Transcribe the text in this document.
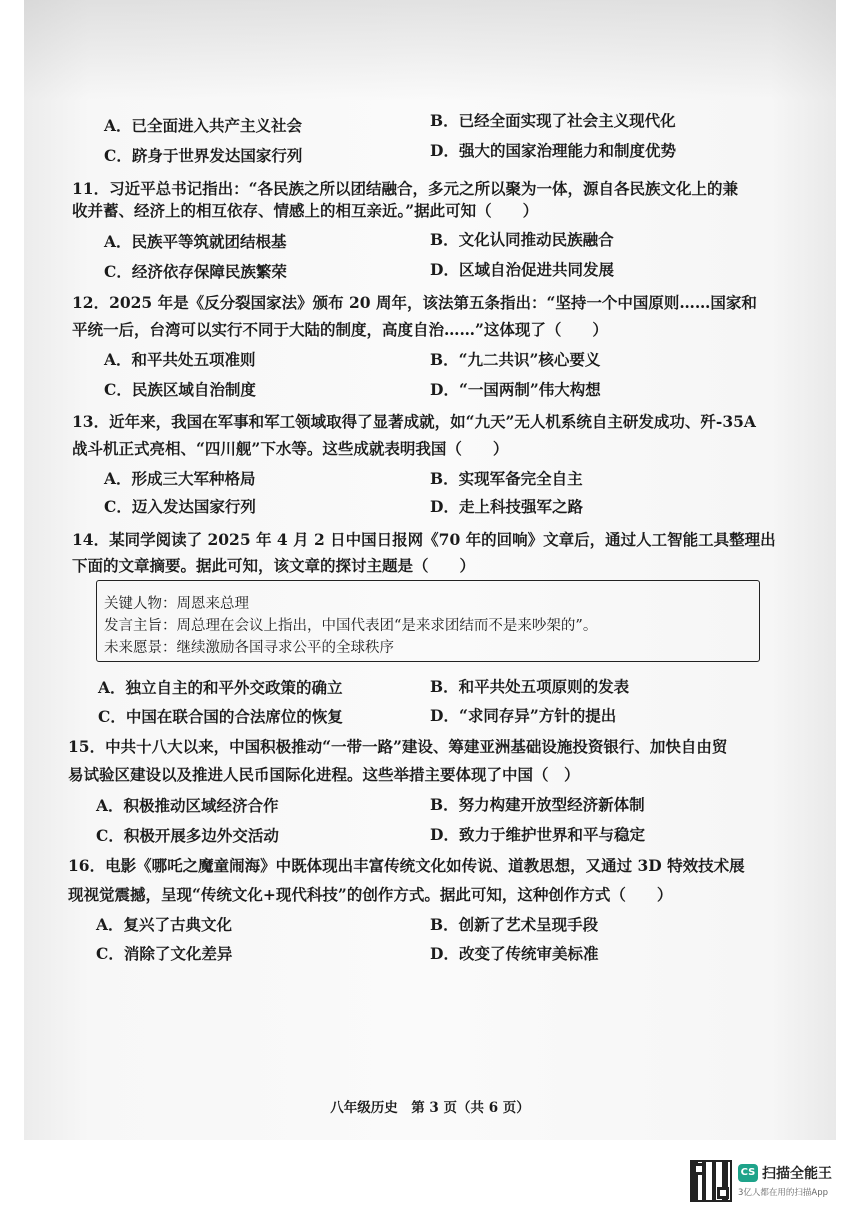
A．已全面进入共产主义社会	B．已经全面实现了社会主义现代化
C．跻身于世界发达国家行列	D．强大的国家治理能力和制度优势
11．习近平总书记指出：“各民族之所以团结融合，多元之所以聚为一体，源自各民族文化上的兼
收并蓄、经济上的相互依存、情感上的相互亲近。”据此可知（　　）
A．民族平等筑就团结根基	B．文化认同推动民族融合
C．经济依存保障民族繁荣	D．区域自治促进共同发展
12．2025 年是《反分裂国家法》颁布 20 周年，该法第五条指出：“坚持一个中国原则……国家和
平统一后，台湾可以实行不同于大陆的制度，高度自治……”这体现了（　　）
A．和平共处五项准则	B．“九二共识”核心要义
C．民族区域自治制度	D．“一国两制”伟大构想
13．近年来，我国在军事和军工领域取得了显著成就，如“九天”无人机系统自主研发成功、歼-35A
战斗机正式亮相、“四川舰”下水等。这些成就表明我国（　　）
A．形成三大军种格局	B．实现军备完全自主
C．迈入发达国家行列	D．走上科技强军之路
14．某同学阅读了 2025 年 4 月 2 日中国日报网《70 年的回响》文章后，通过人工智能工具整理出
下面的文章摘要。据此可知，该文章的探讨主题是（　　）
关键人物：周恩来总理
发言主旨：周总理在会议上指出，中国代表团“是来求团结而不是来吵架的”。
未来愿景：继续激励各国寻求公平的全球秩序
A．独立自主的和平外交政策的确立	B．和平共处五项原则的发表
C．中国在联合国的合法席位的恢复	D．“求同存异”方针的提出
15．中共十八大以来，中国积极推动“一带一路”建设、筹建亚洲基础设施投资银行、加快自由贸
易试验区建设以及推进人民币国际化进程。这些举措主要体现了中国（　）
A．积极推动区域经济合作	B．努力构建开放型经济新体制
C．积极开展多边外交活动	D．致力于维护世界和平与稳定
16．电影《哪吒之魔童闹海》中既体现出丰富传统文化如传说、道教思想，又通过 3D 特效技术展
现视觉震撼，呈现“传统文化+现代科技”的创作方式。据此可知，这种创作方式（　　）
A．复兴了古典文化	B．创新了艺术呈现手段
C．消除了文化差异	D．改变了传统审美标准
八年级历史　第 3 页（共 6 页）
CS 扫描全能王
3亿人都在用的扫描App
